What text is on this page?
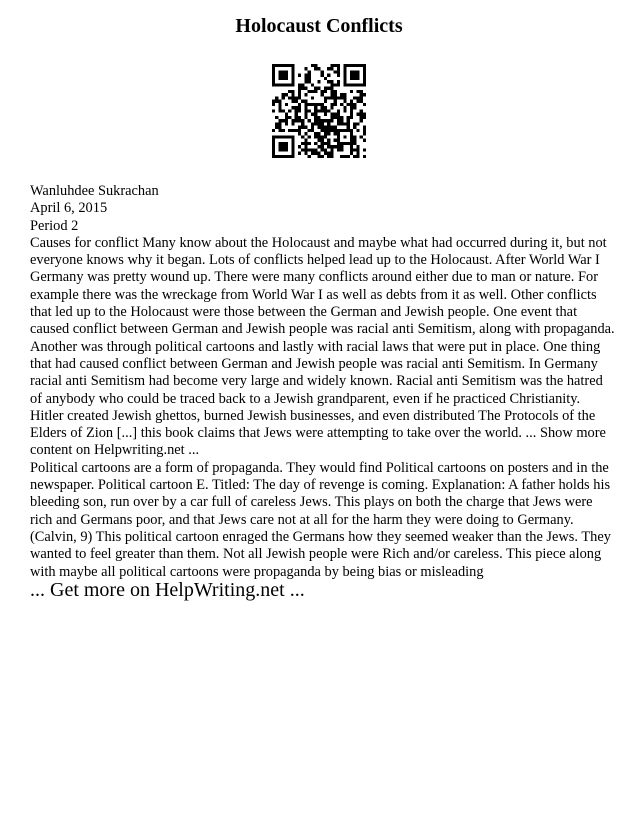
Holocaust Conflicts

Wanluhdee Sukrachan

April 6, 2015

Period 2

Causes for conflict Many know about the Holocaust and maybe what had occurred during it, but not everyone knows why it began. Lots of conflicts helped lead up to the Holocaust. After World War I Germany was pretty wound up. There were many conflicts around either due to man or nature. For example there was the wreckage from World War I as well as debts from it as well. Other conflicts that led up to the Holocaust were those between the German and Jewish people. One event that caused conflict between German and Jewish people was racial anti Semitism, along with propaganda. Another was through political cartoons and lastly with racial laws that were put in place. One thing that had caused conflict between German and Jewish people was racial anti Semitism. In Germany racial anti Semitism had become very large and widely known. Racial anti Semitism was the hatred of anybody who could be traced back to a Jewish grandparent, even if he practiced Christianity. Hitler created Jewish ghettos, burned Jewish businesses, and even distributed The Protocols of the Elders of Zion [...] this book claims that Jews were attempting to take over the world. ... Show more content on Helpwriting.net ...

Political cartoons are a form of propaganda. They would find Political cartoons on posters and in the newspaper. Political cartoon E. Titled: The day of revenge is coming. Explanation: A father holds his bleeding son, run over by a car full of careless Jews. This plays on both the charge that Jews were rich and Germans poor, and that Jews care not at all for the harm they were doing to Germany. (Calvin, 9) This political cartoon enraged the Germans how they seemed weaker than the Jews. They wanted to feel greater than them. Not all Jewish people were Rich and/or careless. This piece along with maybe all political cartoons were propaganda by being bias or misleading

... Get more on HelpWriting.net ...
